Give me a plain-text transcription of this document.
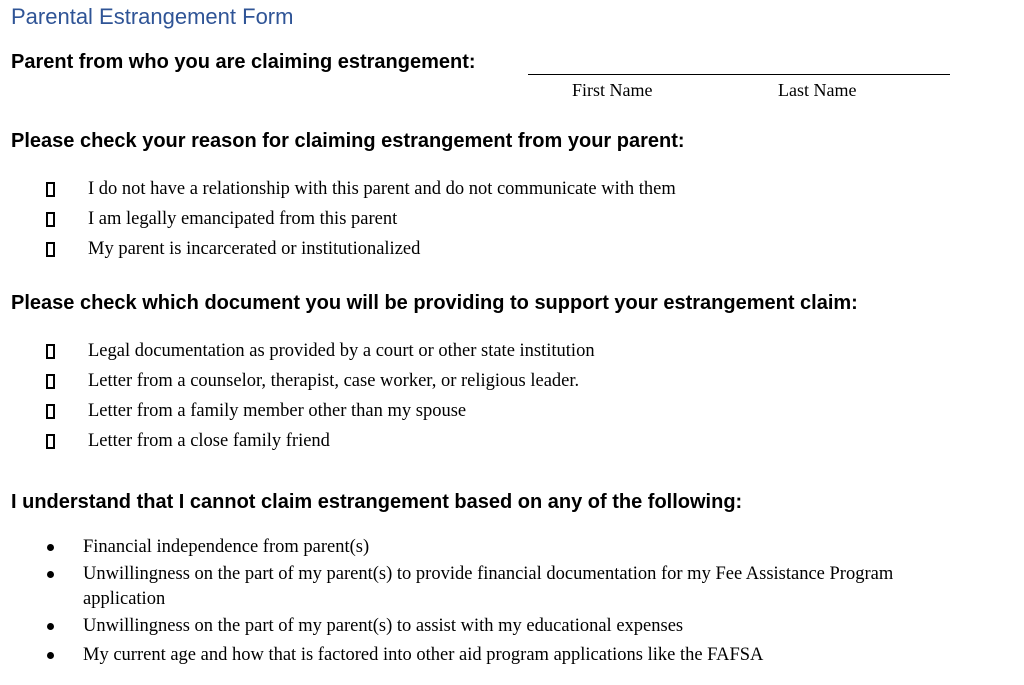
Parental Estrangement Form
Parent from who you are claiming estrangement:
First Name	Last Name
Please check your reason for claiming estrangement from your parent:
I do not have a relationship with this parent and do not communicate with them
I am legally emancipated from this parent
My parent is incarcerated or institutionalized
Please check which document you will be providing to support your estrangement claim:
Legal documentation as provided by a court or other state institution
Letter from a counselor, therapist, case worker, or religious leader.
Letter from a family member other than my spouse
Letter from a close family friend
I understand that I cannot claim estrangement based on any of the following:
Financial independence from parent(s)
Unwillingness on the part of my parent(s) to provide financial documentation for my Fee Assistance Program application
Unwillingness on the part of my parent(s) to assist with my educational expenses
My current age and how that is factored into other aid program applications like the FAFSA
